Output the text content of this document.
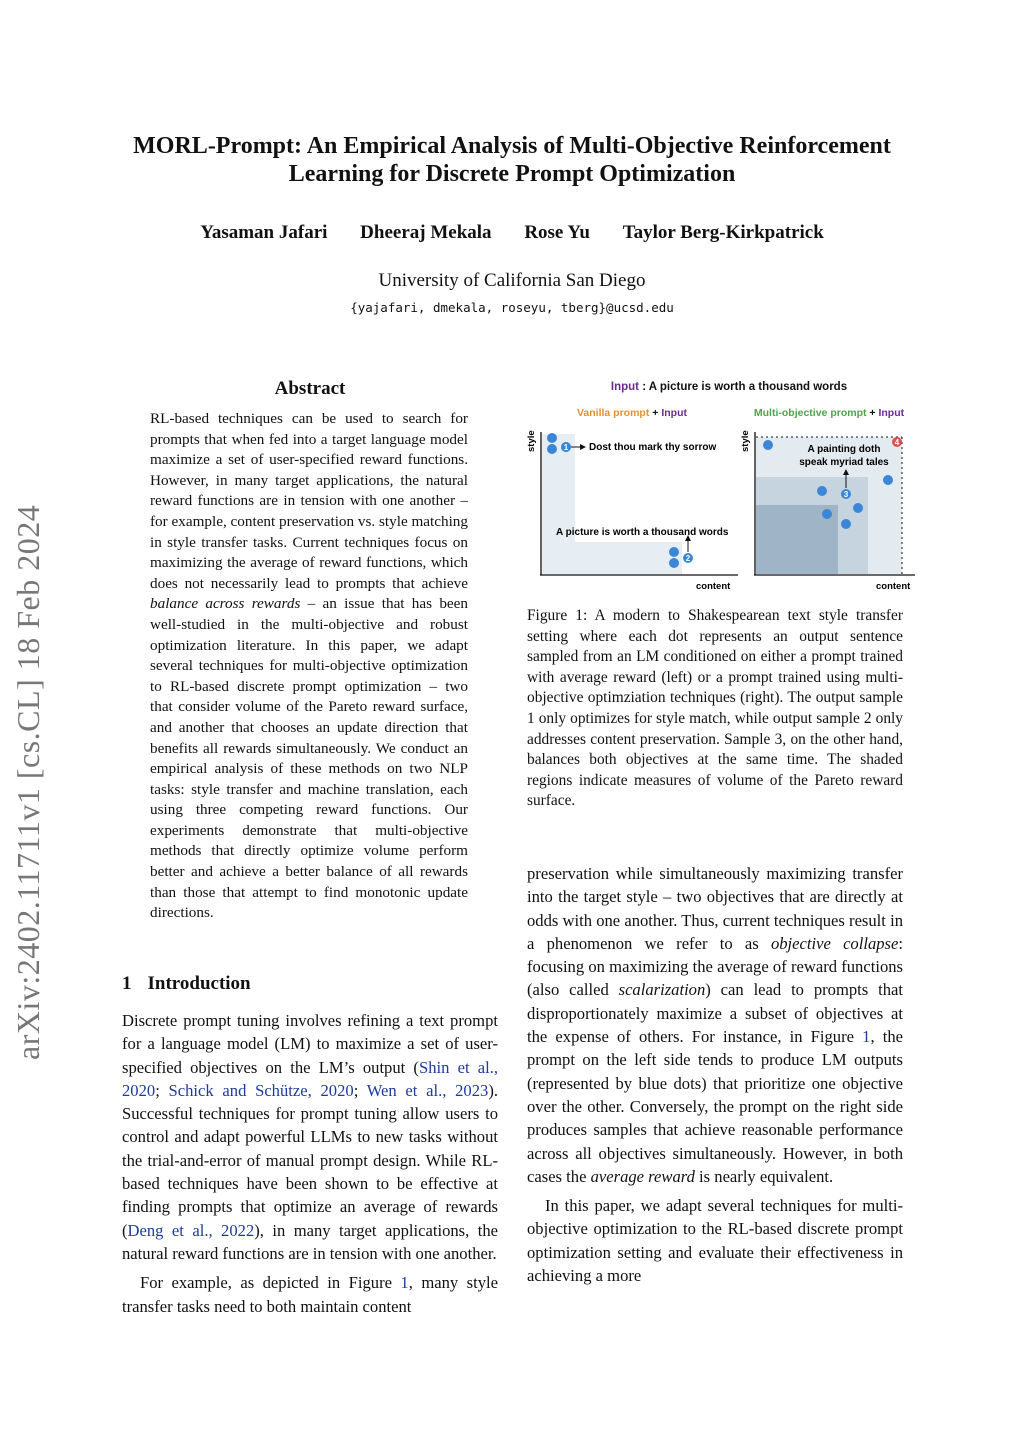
MORL-Prompt: An Empirical Analysis of Multi-Objective Reinforcement
Learning for Discrete Prompt Optimization
Yasaman Jafari Dheeraj Mekala Rose Yu Taylor Berg-Kirkpatrick
University of California San Diego
{yajafari, dmekala, roseyu, tberg}@ucsd.edu
arXiv:2402.11711v1 [cs.CL] 18 Feb 2024
Abstract
RL-based techniques can be used to search for prompts that when fed into a target language model maximize a set of user-specified reward functions. However, in many target applications, the natural reward functions are in tension with one another – for example, content preservation vs. style matching in style transfer tasks. Current techniques focus on maximizing the average of reward functions, which does not necessarily lead to prompts that achieve balance across rewards – an issue that has been well-studied in the multi-objective and robust optimization literature. In this paper, we adapt several techniques for multi-objective optimization to RL-based discrete prompt optimization – two that consider volume of the Pareto reward surface, and another that chooses an update direction that benefits all rewards simultaneously. We conduct an empirical analysis of these methods on two NLP tasks: style transfer and machine translation, each using three competing reward functions. Our experiments demonstrate that multi-objective methods that directly optimize volume perform better and achieve a better balance of all rewards than those that attempt to find monotonic update directions.
1 Introduction

Discrete prompt tuning involves refining a text prompt for a language model (LM) to maximize a set of user-specified objectives on the LM’s output (Shin et al., 2020; Schick and Schütze, 2020; Wen et al., 2023). Successful techniques for prompt tuning allow users to control and adapt powerful LLMs to new tasks without the trial-and-error of manual prompt design. While RL-based techniques have been shown to be effective at finding prompts that optimize an average of rewards (Deng et al., 2022), in many target applications, the natural reward functions are in tension with one another.

For example, as depicted in Figure 1, many style transfer tasks need to both maintain content

Input : A picture is worth a thousand words
Vanilla prompt + Input	Multi-objective prompt + Input
style
content
2
A picture is worth a thousand words
1 Dost thou mark thy sorrow	style
content
3
A painting doth
speak myriad tales
4
Figure 1: A modern to Shakespearean text style transfer setting where each dot represents an output sentence sampled from an LM conditioned on either a prompt trained with average reward (left) or a prompt trained using multi-objective optimziation techniques (right). The output sample 1 only optimizes for style match, while output sample 2 only addresses content preservation. Sample 3, on the other hand, balances both objectives at the same time. The shaded regions indicate measures of volume of the Pareto reward surface.

preservation while simultaneously maximizing transfer into the target style – two objectives that are directly at odds with one another. Thus, current techniques result in a phenomenon we refer to as objective collapse: focusing on maximizing the average of reward functions (also called scalarization) can lead to prompts that disproportionately maximize a subset of objectives at the expense of others. For instance, in Figure 1, the prompt on the left side tends to produce LM outputs (represented by blue dots) that prioritize one objective over the other. Conversely, the prompt on the right side produces samples that achieve reasonable performance across all objectives simultaneously. However, in both cases the average reward is nearly equivalent.

In this paper, we adapt several techniques for multi-objective optimization to the RL-based discrete prompt optimization setting and evaluate their effectiveness in achieving a more
